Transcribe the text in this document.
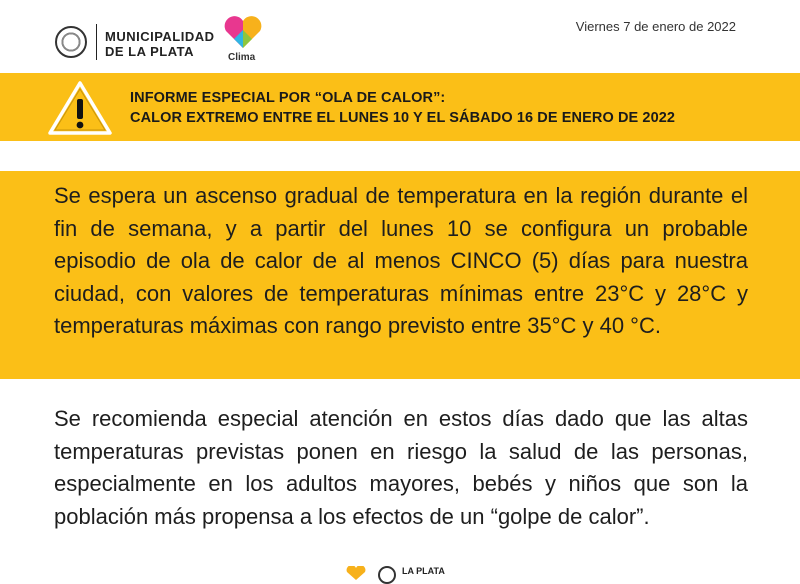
MUNICIPALIDAD
DE LA PLATA	Clima
Viernes 7 de enero de 2022
INFORME ESPECIAL POR “OLA DE CALOR”:
CALOR EXTREMO ENTRE EL LUNES 10 Y EL SÁBADO 16 DE ENERO DE 2022
Se espera un ascenso gradual de temperatura en la región durante el fin de semana, y a partir del lunes 10 se configura un probable episodio de ola de calor de al menos CINCO (5) días para nuestra ciudad, con valores de temperaturas mínimas entre 23°C y 28°C y temperaturas máximas con rango previsto entre 35°C y 40 °C.
Se recomienda especial atención en estos días dado que las altas temperaturas previstas ponen en riesgo la salud de las personas, especialmente en los adultos mayores, bebés y niños que son la población más propensa a los efectos de un “golpe de calor”.
LA PLATA
